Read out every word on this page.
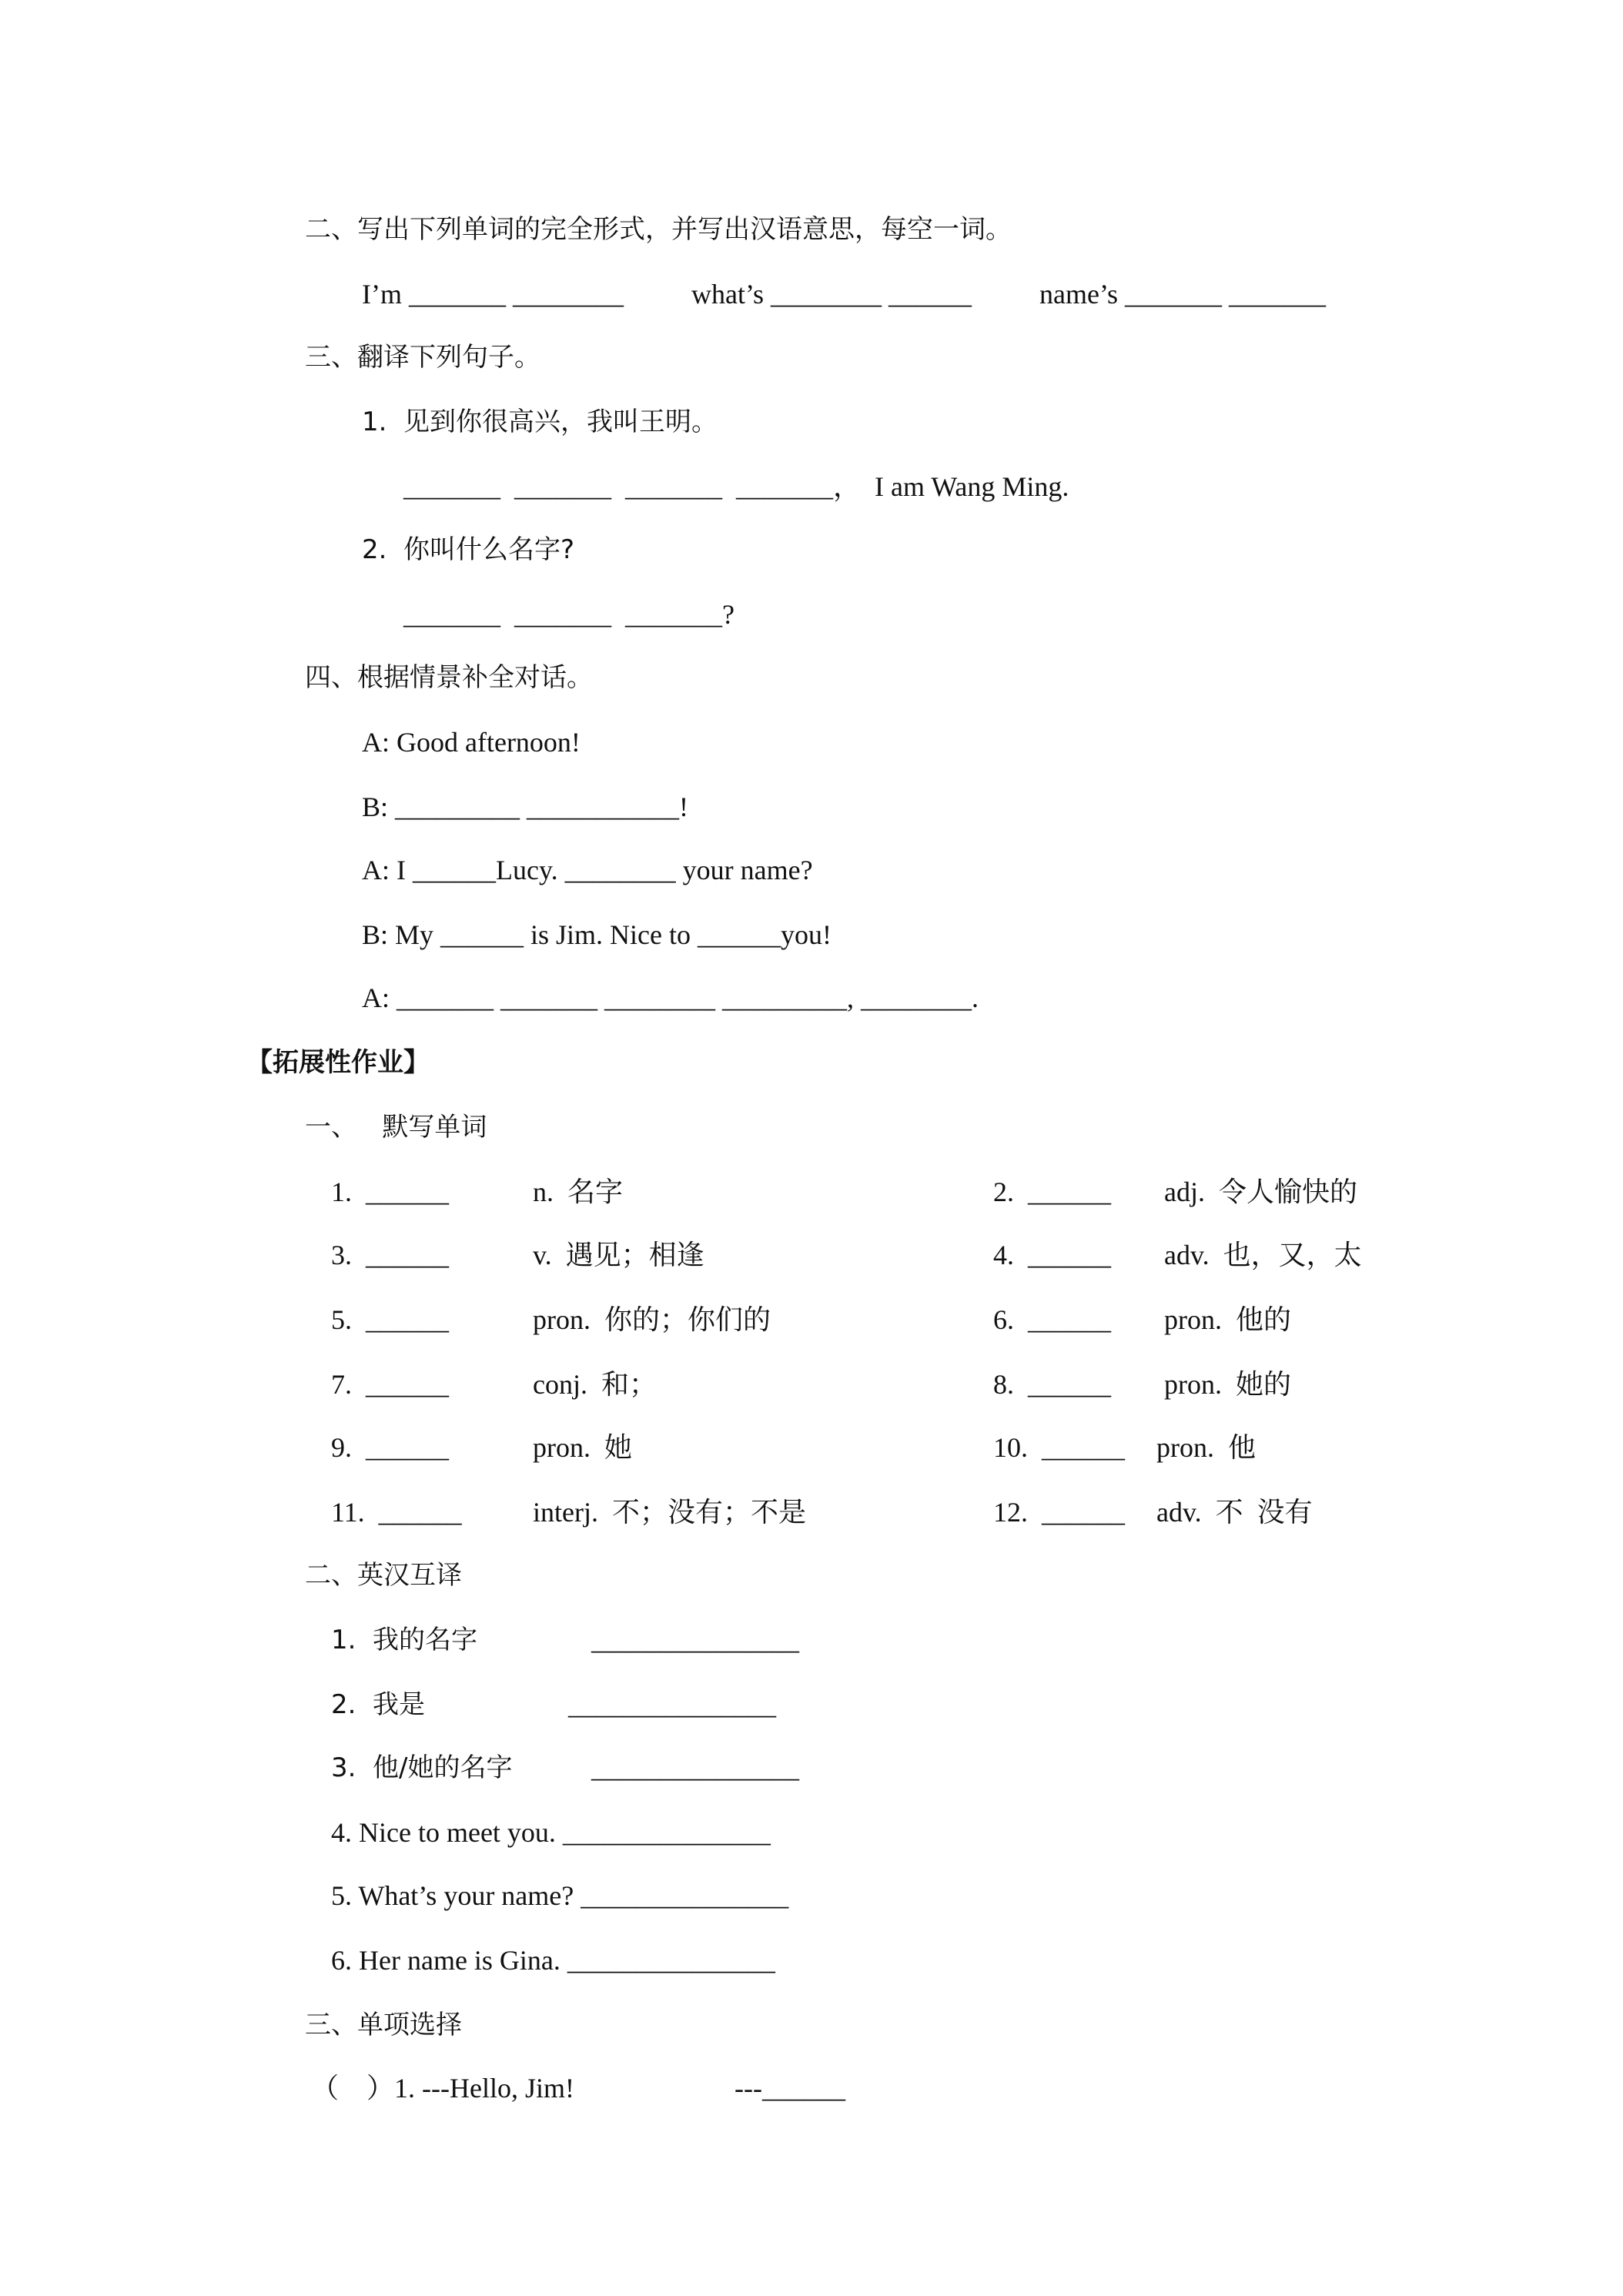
二、写出下列单词的完全形式，并写出汉语意思，每空一词。
I’m _______ ________ what’s ________ ______ name’s _______ _______
三、翻译下列句子。
1.  见到你很高兴，我叫王明。
_______  _______  _______  _______，  I am Wang Ming.
2.  你叫什么名字?
_______  _______  _______?
四、根据情景补全对话。
A: Good afternoon!
B: _________ ___________!
A: I ______Lucy. ________ your name?
B: My ______ is Jim. Nice to ______you!
A: _______ _______ ________ _________, ________.
【拓展性作业】
一、   默写单词
1.  ______	n.  名字	2.  ______ adj.  令人愉快的
3.  ______	v.  遇见；相逢	4.  ______ adv.  也，又，太
5.  ______	pron.  你的；你们的	6.  ______ pron.  他的
7.  ______	conj.  和；	8.  ______ pron.  她的
9.  ______	pron.  她	10.  ______ pron.  他
11.  ______	interj.  不；没有；不是	12.  ______ adv.  不  没有
二、英汉互译
1.  我的名字	_______________
2.  我是	_______________
3.  他/她的名字	_______________
4. Nice to meet you. _______________
5. What’s your name? _______________
6. Her name is Gina. _______________
三、单项选择
（    ）1. ---Hello, Jim!	---______
